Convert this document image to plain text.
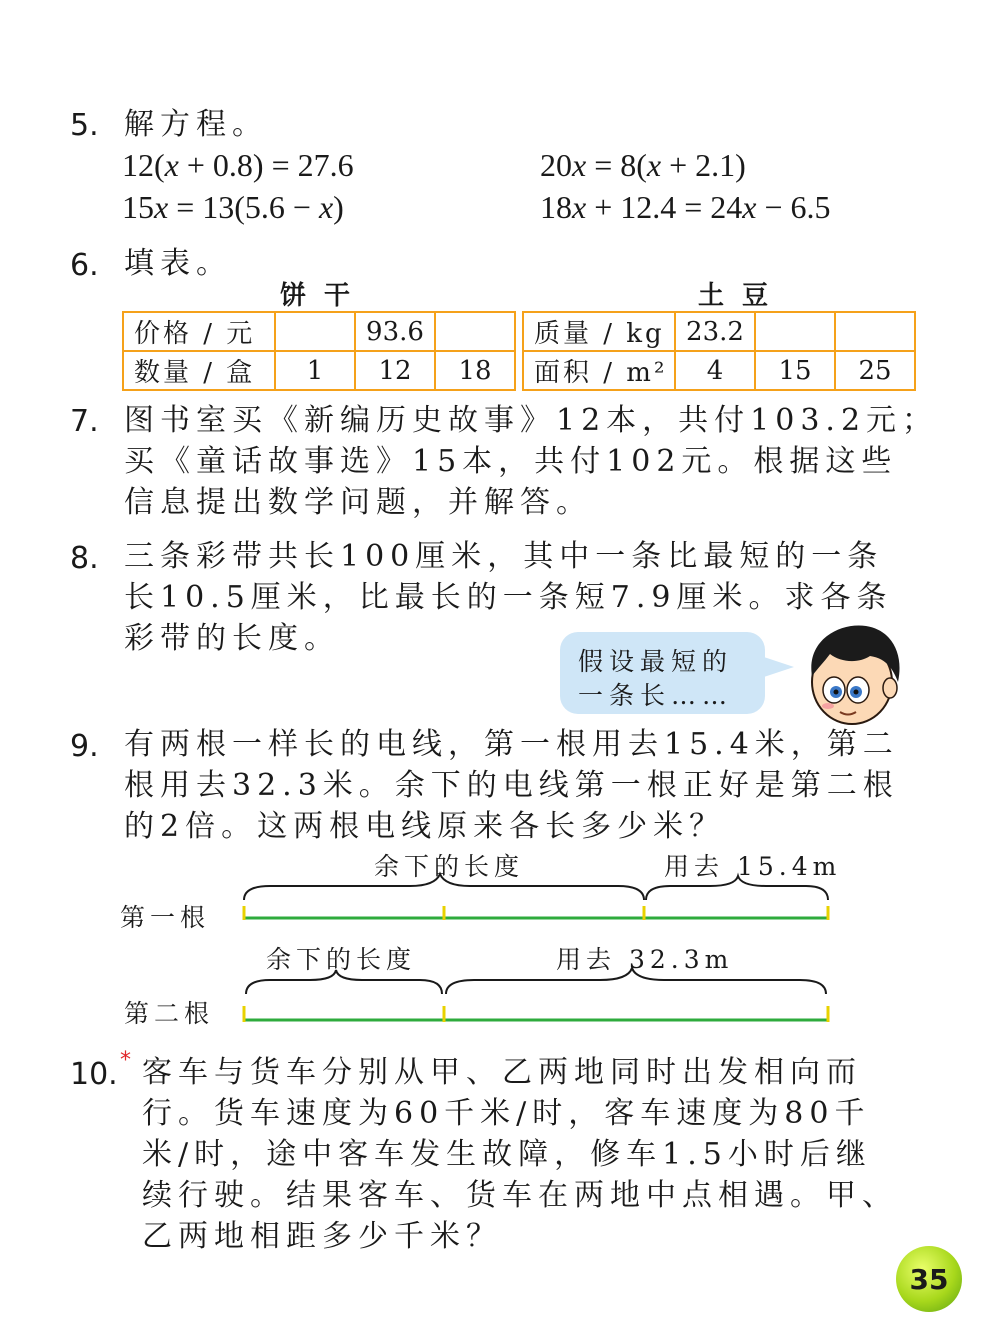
5. 解方程。
12(x + 0.8) = 27.6	20x = 8(x + 2.1)
15x = 13(5.6 − x)	18x + 12.4 = 24x − 6.5
6. 填表。
饼干	土豆
价格 / 元		93.6	
数量 / 盒	1	12	18
质量 / kg	23.2		
面积 / m²	4	15	25
7. 图书室买《新编历史故事》12本，共付103.2元；
买《童话故事选》15本，共付102元。根据这些
信息提出数学问题，并解答。
8. 三条彩带共长100厘米，其中一条比最短的一条
长10.5厘米，比最长的一条短7.9厘米。求各条
彩带的长度。
假设最短的
一条长……
9. 有两根一样长的电线，第一根用去15.4米，第二
根用去32.3米。余下的电线第一根正好是第二根
的2倍。这两根电线原来各长多少米？
余下的长度	用去 15.4m
第一根
余下的长度	用去 32.3m
第二根
10. * 客车与货车分别从甲、乙两地同时出发相向而
行。货车速度为60千米/时，客车速度为80千
米/时，途中客车发生故障，修车1.5小时后继
续行驶。结果客车、货车在两地中点相遇。甲、
乙两地相距多少千米？
35
